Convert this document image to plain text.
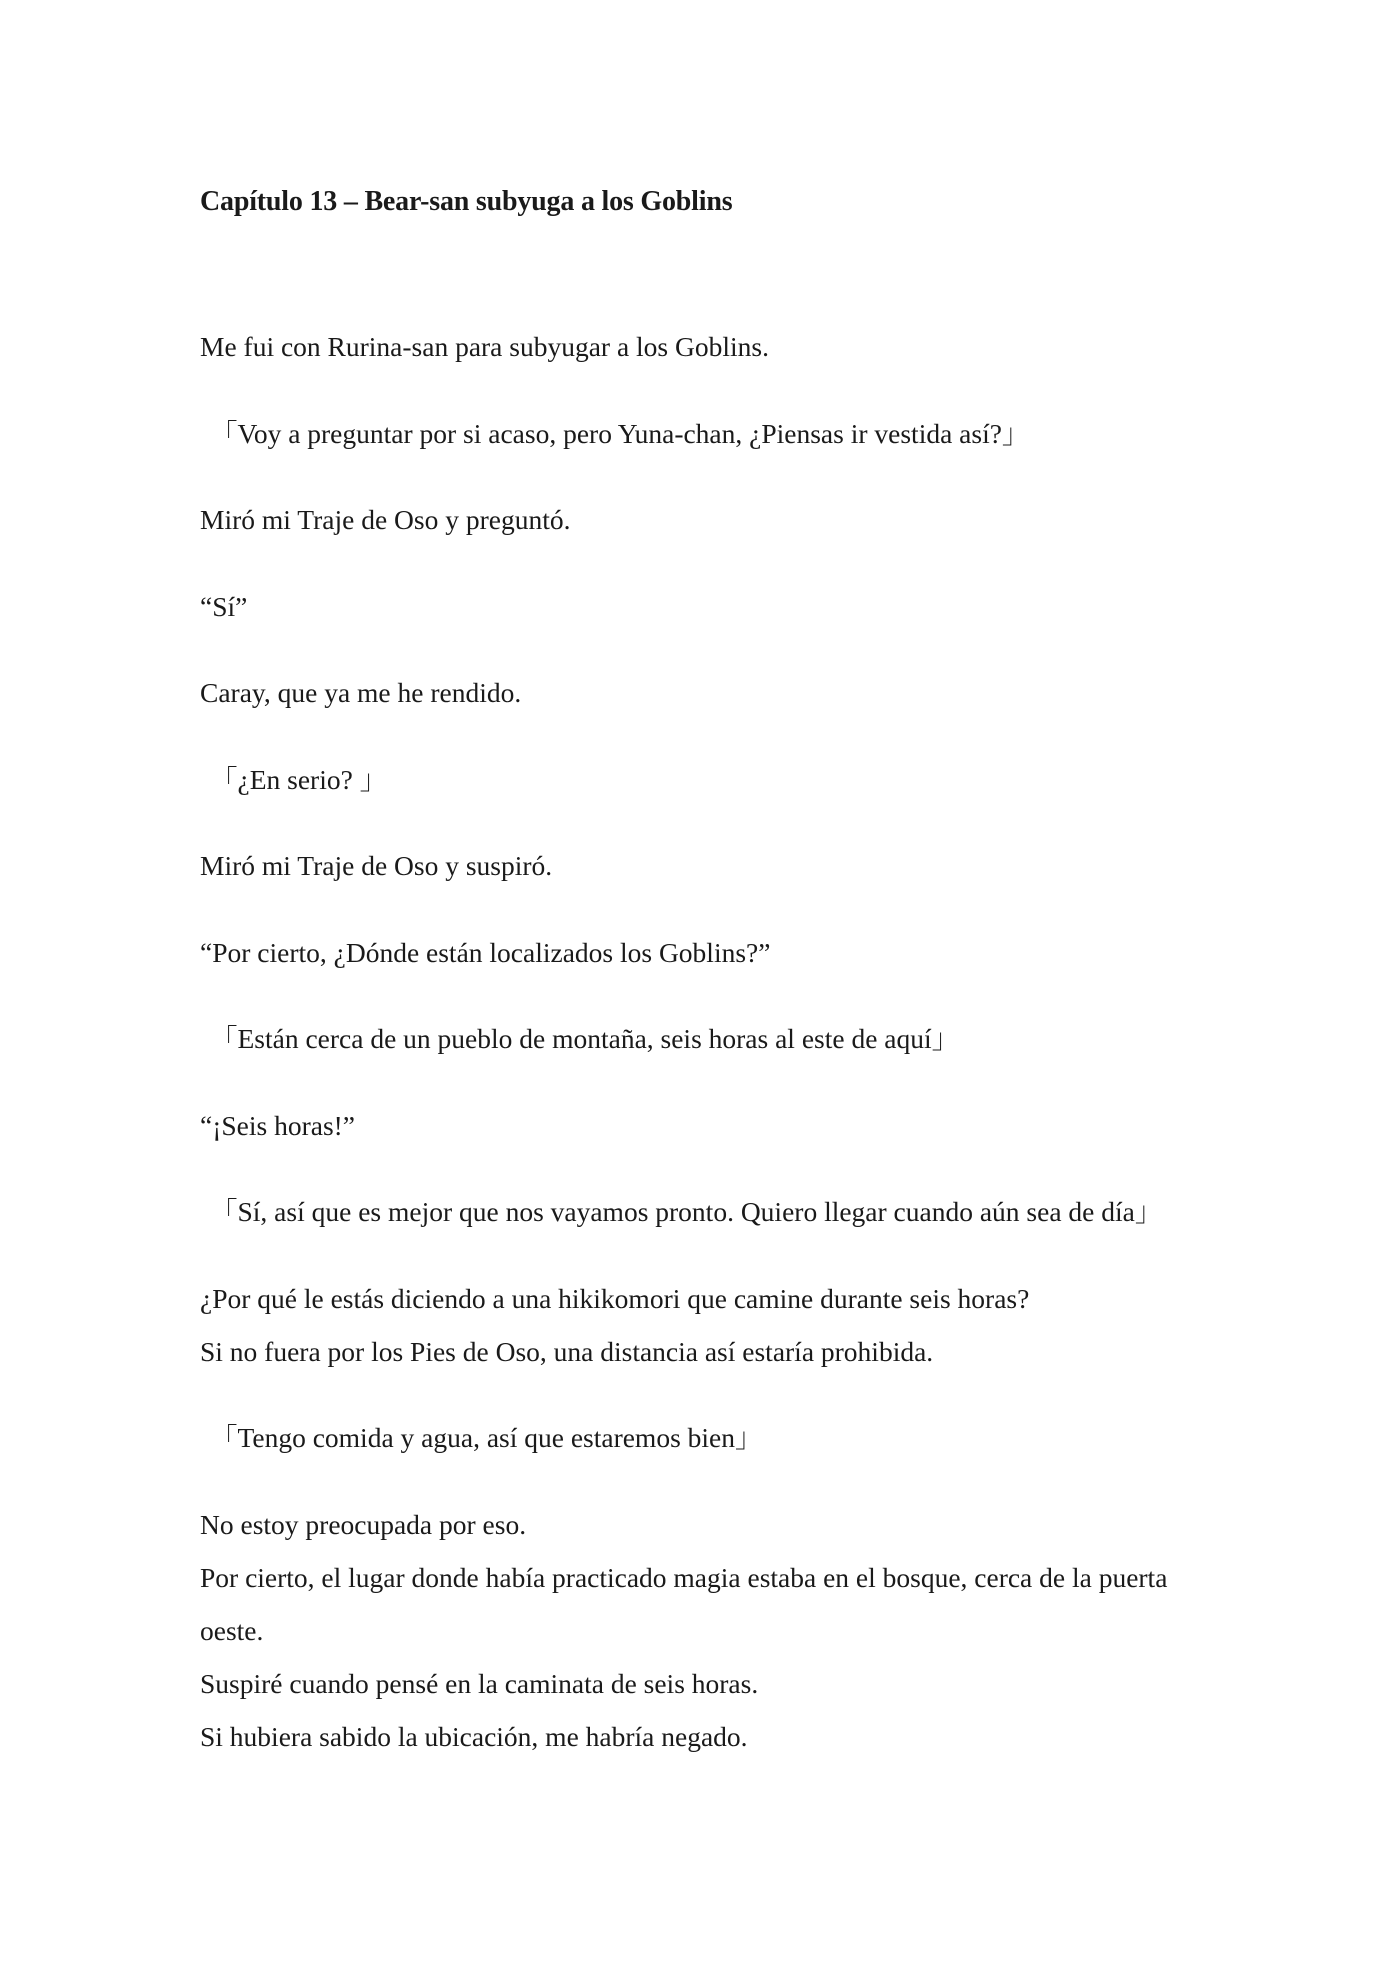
Capítulo 13 – Bear-san subyuga a los Goblins

Me fui con Rurina-san para subyugar a los Goblins.

「Voy a preguntar por si acaso, pero Yuna-chan, ¿Piensas ir vestida así?」

Miró mi Traje de Oso y preguntó.

“Sí”

Caray, que ya me he rendido.

「¿En serio? 」

Miró mi Traje de Oso y suspiró.

“Por cierto, ¿Dónde están localizados los Goblins?”

「Están cerca de un pueblo de montaña, seis horas al este de aquí」

“¡Seis horas!”

「Sí, así que es mejor que nos vayamos pronto. Quiero llegar cuando aún sea de día」

¿Por qué le estás diciendo a una hikikomori que camine durante seis horas?
Si no fuera por los Pies de Oso, una distancia así estaría prohibida.

「Tengo comida y agua, así que estaremos bien」

No estoy preocupada por eso.
Por cierto, el lugar donde había practicado magia estaba en el bosque, cerca de la puerta oeste.
Suspiré cuando pensé en la caminata de seis horas.
Si hubiera sabido la ubicación, me habría negado.
